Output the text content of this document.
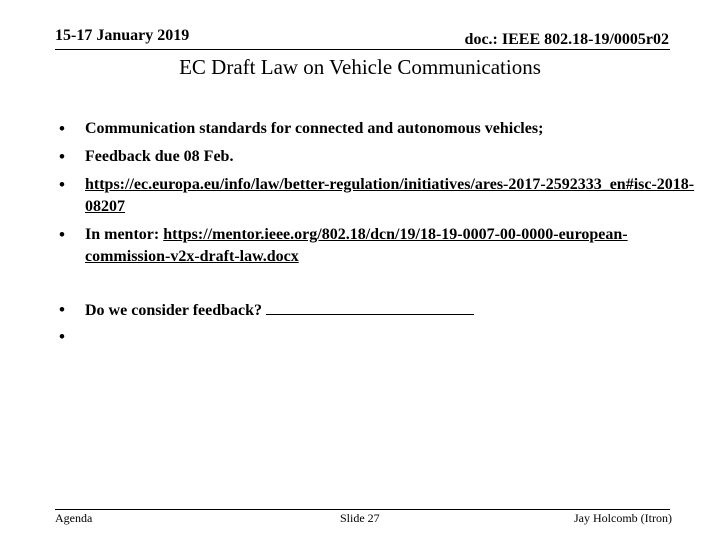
15-17 January 2019	doc.: IEEE 802.18-19/0005r02
EC Draft Law on Vehicle Communications
• Communication standards for connected and autonomous vehicles;
• Feedback due 08 Feb.
• https://ec.europa.eu/info/law/better-regulation/initiatives/ares-2017-2592333_en#isc-2018-08207
• In mentor: https://mentor.ieee.org/802.18/dcn/19/18-19-0007-00-0000-european-commission-v2x-draft-law.docx
• Do we consider feedback?
•
Agenda	Slide 27	Jay Holcomb (Itron)
